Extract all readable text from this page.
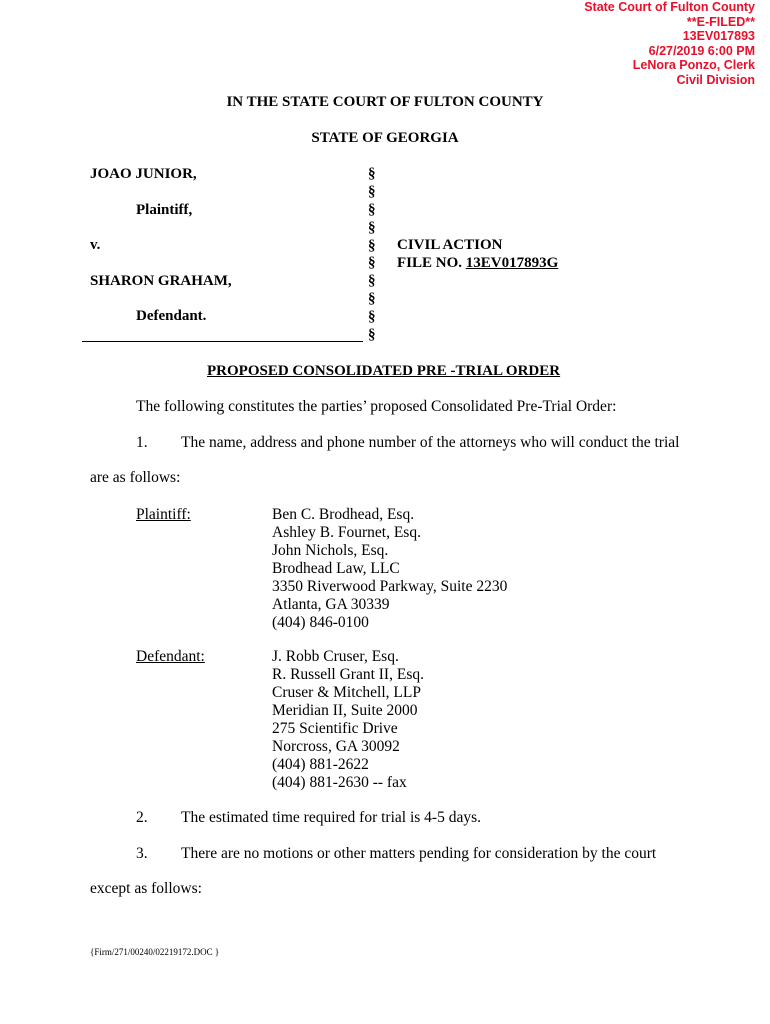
State Court of Fulton County
**E-FILED**
13EV017893
6/27/2019 6:00 PM
LeNora Ponzo, Clerk
Civil Division
IN THE STATE COURT OF FULTON COUNTY
STATE OF GEORGIA
JOAO JUNIOR,
Plaintiff,
v.
SHARON GRAHAM,
Defendant.
§
§
§
§
§
§
§
§
§
§
CIVIL ACTION
FILE NO. 13EV017893G
PROPOSED CONSOLIDATED PRE -TRIAL ORDER
The following constitutes the parties’ proposed Consolidated Pre-Trial Order:
1. The name, address and phone number of the attorneys who will conduct the trial
are as follows:
Plaintiff:	Ben C. Brodhead, Esq.
Ashley B. Fournet, Esq.
John Nichols, Esq.
Brodhead Law, LLC
3350 Riverwood Parkway, Suite 2230
Atlanta, GA 30339
(404) 846-0100
Defendant:	J. Robb Cruser, Esq.
R. Russell Grant II, Esq.
Cruser & Mitchell, LLP
Meridian II, Suite 2000
275 Scientific Drive
Norcross, GA 30092
(404) 881-2622
(404) 881-2630 -- fax
2. The estimated time required for trial is 4-5 days.
3. There are no motions or other matters pending for consideration by the court
except as follows:
{Firm/271/00240/02219172.DOC }
